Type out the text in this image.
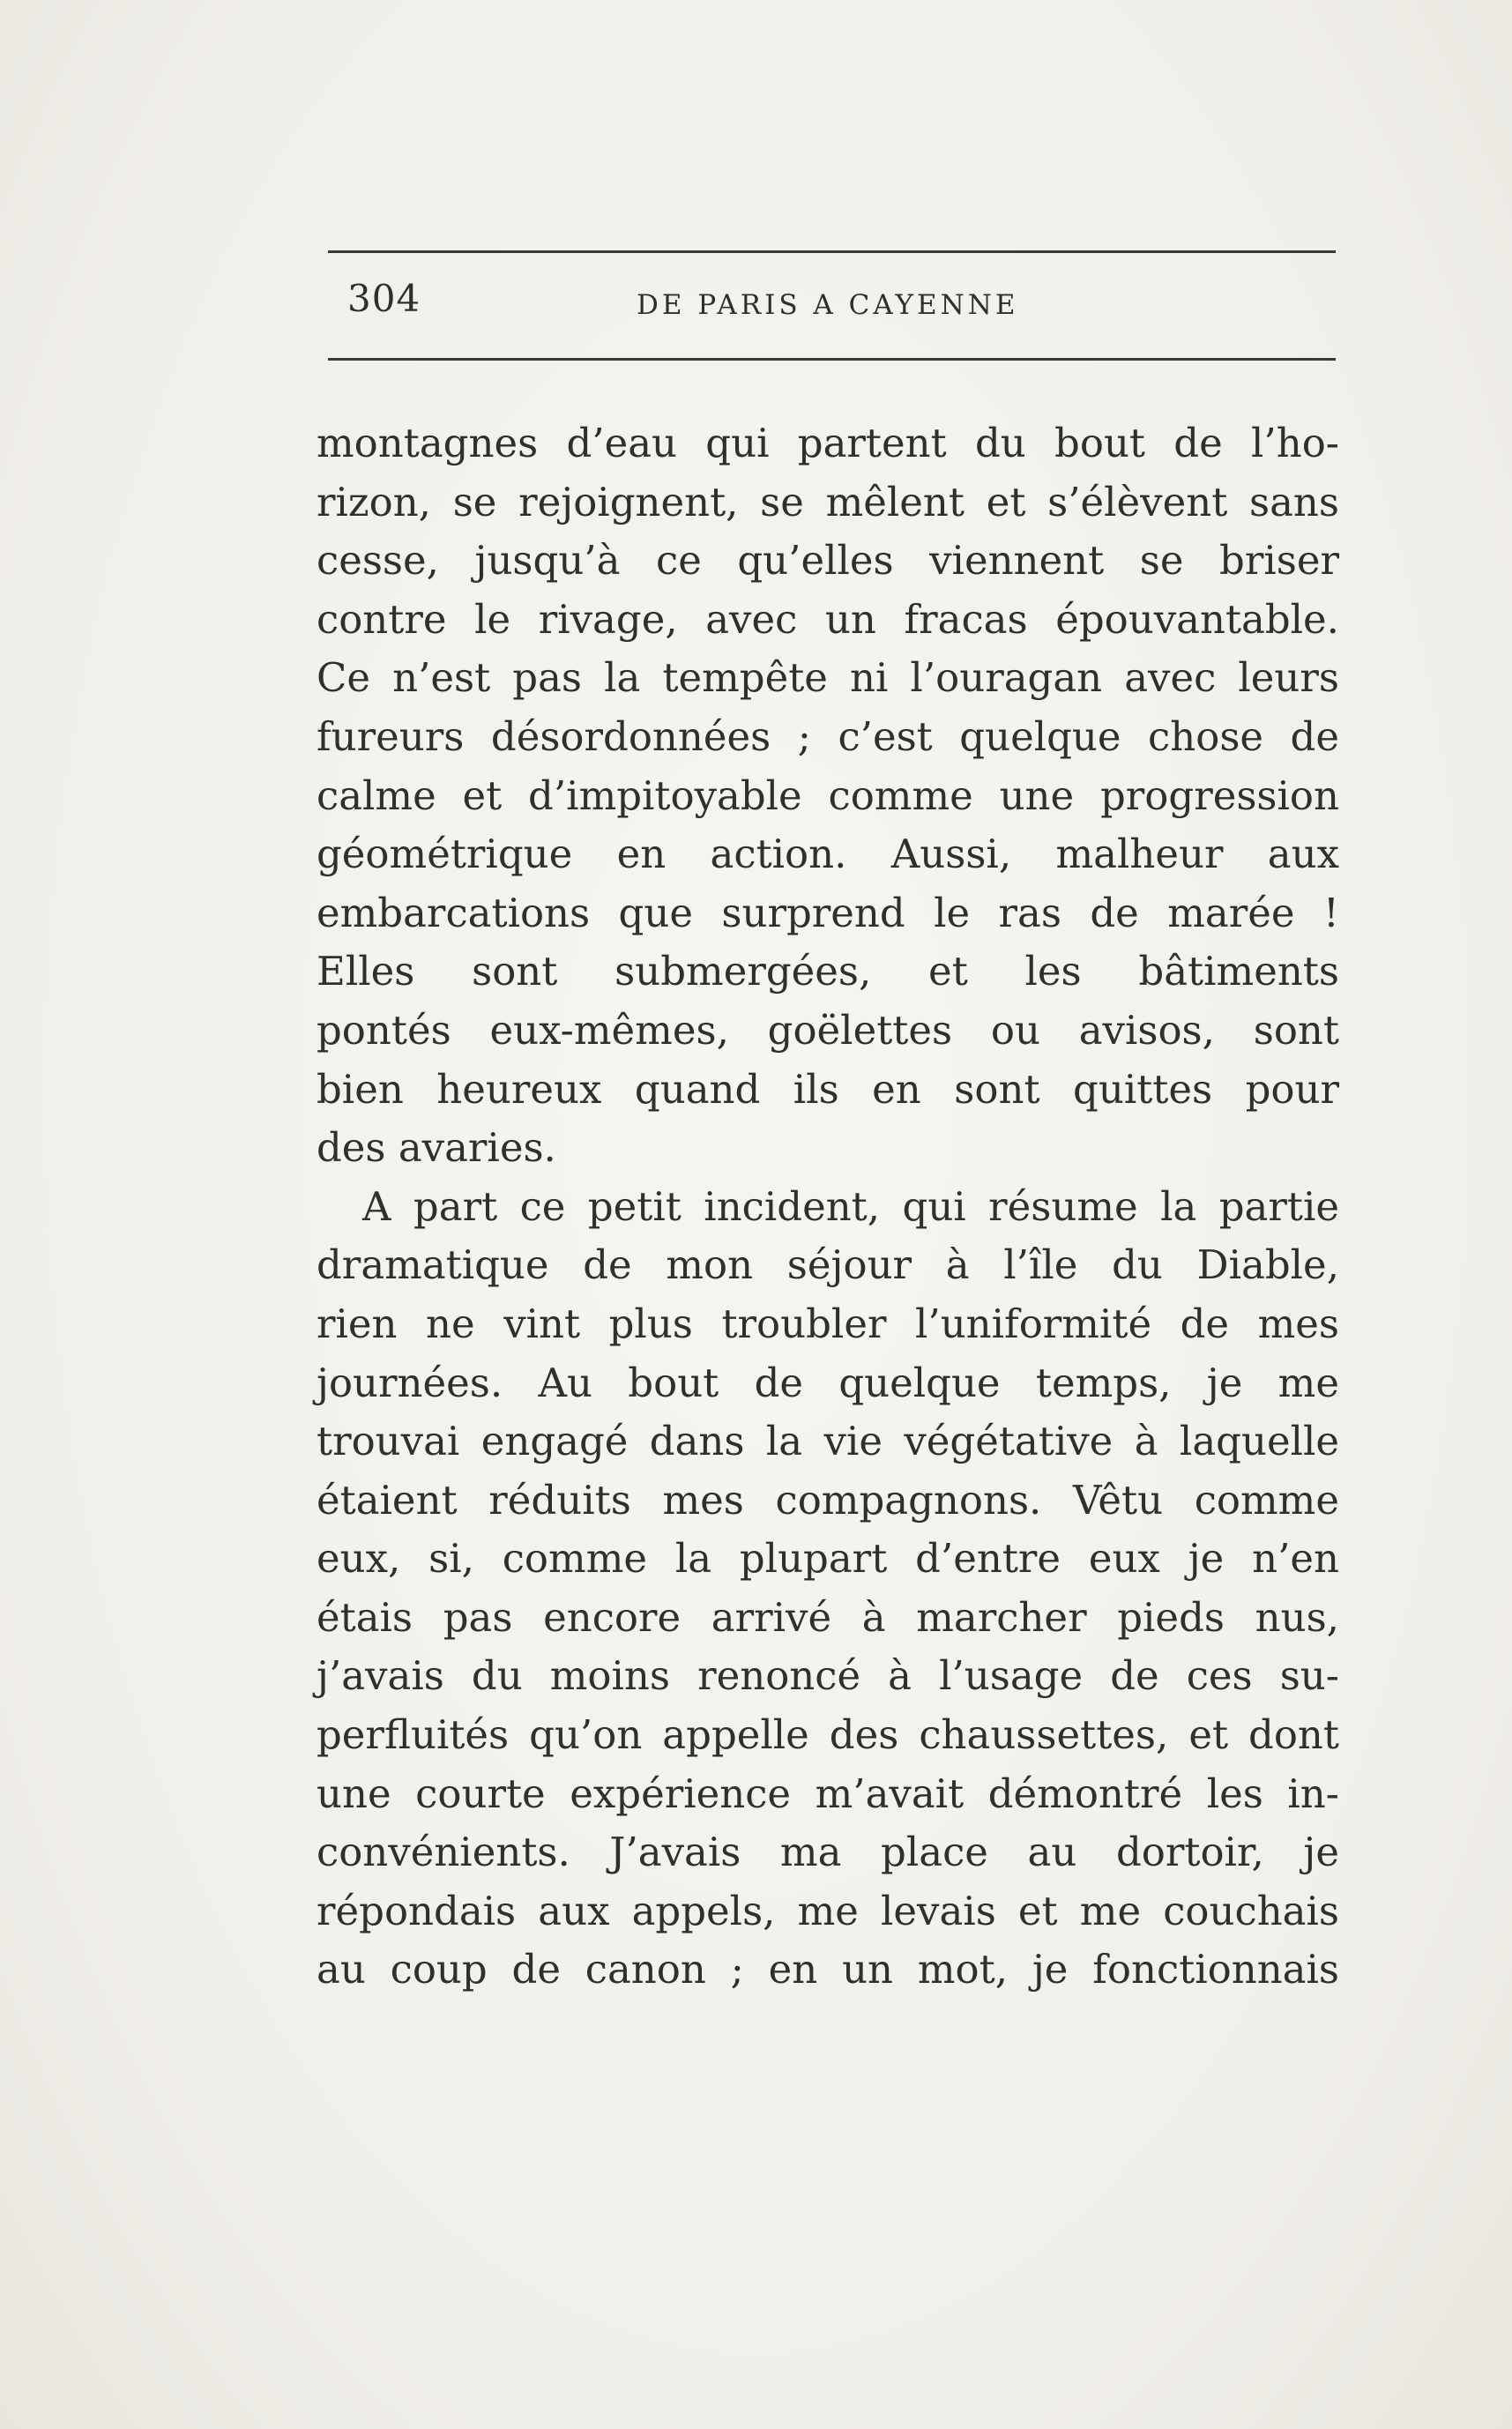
304	DE PARIS A CAYENNE
montagnes d’eau qui partent du bout de l’ho-
rizon, se rejoignent, se mêlent et s’élèvent sans
cesse, jusqu’à ce qu’elles viennent se briser
contre le rivage, avec un fracas épouvantable.
Ce n’est pas la tempête ni l’ouragan avec leurs
fureurs désordonnées ; c’est quelque chose de
calme et d’impitoyable comme une progression
géométrique en action. Aussi, malheur aux
embarcations que surprend le ras de marée !
Elles sont submergées, et les bâtiments
pontés eux-mêmes, goëlettes ou avisos, sont
bien heureux quand ils en sont quittes pour
des avaries.
A part ce petit incident, qui résume la partie
dramatique de mon séjour à l’île du Diable,
rien ne vint plus troubler l’uniformité de mes
journées. Au bout de quelque temps, je me
trouvai engagé dans la vie végétative à laquelle
étaient réduits mes compagnons. Vêtu comme
eux, si, comme la plupart d’entre eux je n’en
étais pas encore arrivé à marcher pieds nus,
j’avais du moins renoncé à l’usage de ces su-
perfluités qu’on appelle des chaussettes, et dont
une courte expérience m’avait démontré les in-
convénients. J’avais ma place au dortoir, je
répondais aux appels, me levais et me couchais
au coup de canon ; en un mot, je fonctionnais
